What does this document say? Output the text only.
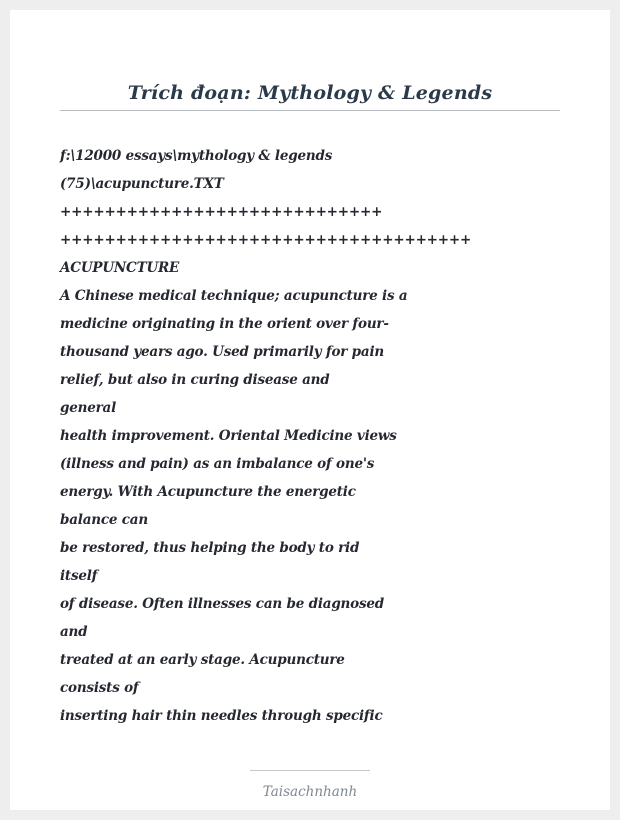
Trích đoạn: Mythology & Legends
f:\12000 essays\mythology & legends
(75)\acupuncture.TXT
+++++++++++++++++++++++++++++
+++++++++++++++++++++++++++++++++++++
ACUPUNCTURE
A Chinese medical technique; acupuncture is a
medicine originating in the orient over four-
thousand years ago. Used primarily for pain
relief, but also in curing disease and
general
health improvement. Oriental Medicine views
(illness and pain) as an imbalance of one's
energy. With Acupuncture the energetic
balance can
be restored, thus helping the body to rid
itself
of disease. Often illnesses can be diagnosed
and
treated at an early stage. Acupuncture
consists of
inserting hair thin needles through specific
Taisachnhanh
